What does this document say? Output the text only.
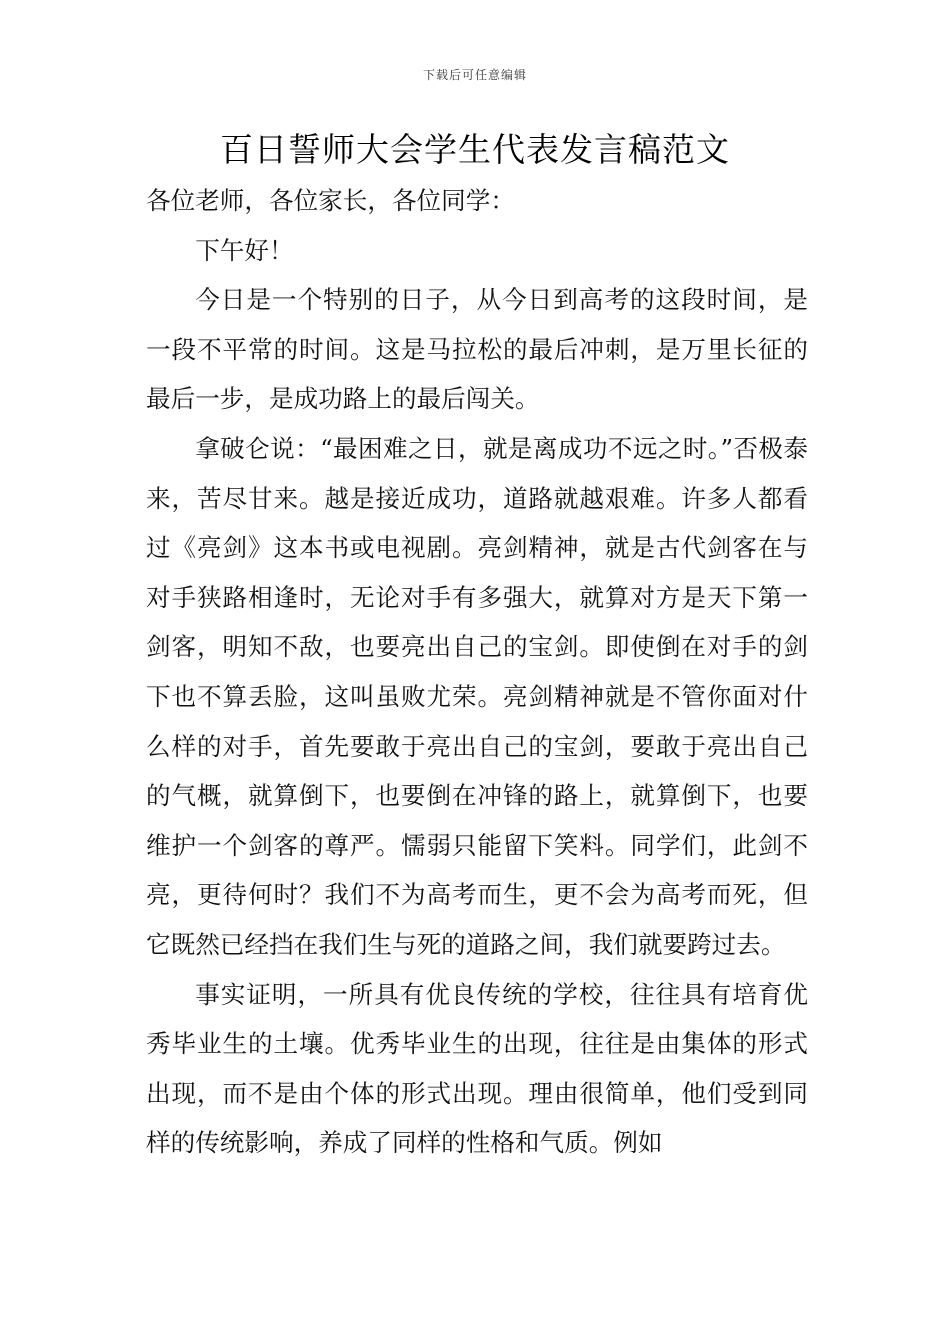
下载后可任意编辑
百日誓师大会学生代表发言稿范文

各位老师，各位家长，各位同学：

下午好！

今日是一个特别的日子，从今日到高考的这段时间，是一段不平常的时间。这是马拉松的最后冲刺，是万里长征的最后一步，是成功路上的最后闯关。

拿破仑说：“最困难之日，就是离成功不远之时。”否极泰来，苦尽甘来。越是接近成功，道路就越艰难。许多人都看过《亮剑》这本书或电视剧。亮剑精神，就是古代剑客在与对手狭路相逢时，无论对手有多强大，就算对方是天下第一剑客，明知不敌，也要亮出自己的宝剑。即使倒在对手的剑下也不算丢脸，这叫虽败尤荣。亮剑精神就是不管你面对什么样的对手，首先要敢于亮出自己的宝剑，要敢于亮出自己的气概，就算倒下，也要倒在冲锋的路上，就算倒下，也要维护一个剑客的尊严。懦弱只能留下笑料。同学们，此剑不亮，更待何时？我们不为高考而生，更不会为高考而死，但它既然已经挡在我们生与死的道路之间，我们就要跨过去。

事实证明，一所具有优良传统的学校，往往具有培育优秀毕业生的土壤。优秀毕业生的出现，往往是由集体的形式出现，而不是由个体的形式出现。理由很简单，他们受到同样的传统影响，养成了同样的性格和气质。例如
